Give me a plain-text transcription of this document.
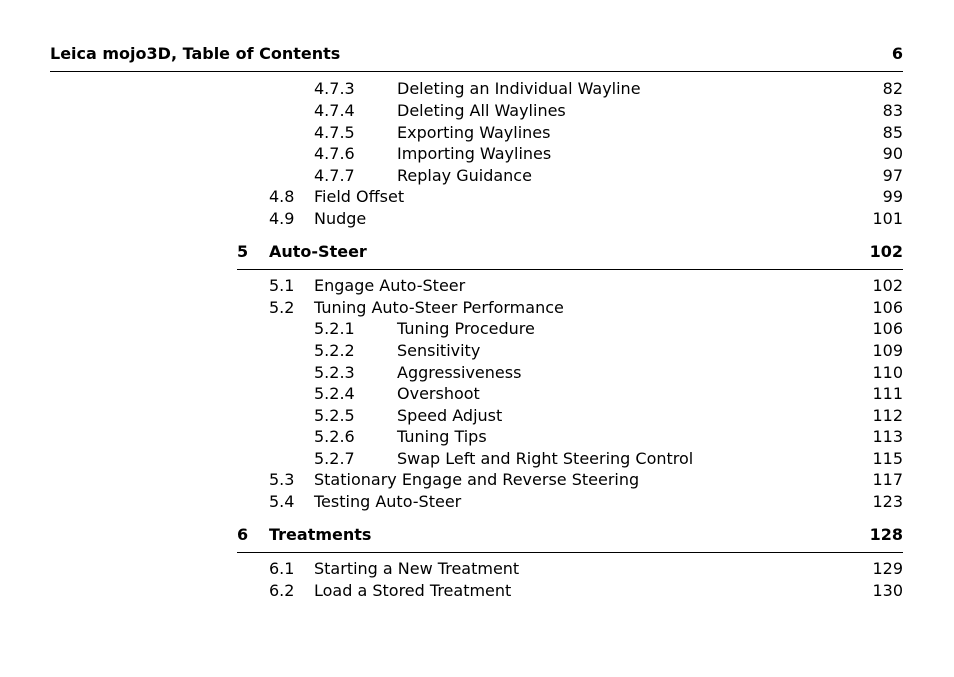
Leica mojo3D, Table of Contents	6
4.7.3	Deleting an Individual Wayline	82
4.7.4	Deleting All Waylines	83
4.7.5	Exporting Waylines	85
4.7.6	Importing Waylines	90
4.7.7	Replay Guidance	97
4.8 Field Offset	99
4.9 Nudge	101
5 Auto-Steer	102
5.1 Engage Auto-Steer	102
5.2 Tuning Auto-Steer Performance	106
5.2.1	Tuning Procedure	106
5.2.2	Sensitivity	109
5.2.3	Aggressiveness	110
5.2.4	Overshoot	111
5.2.5	Speed Adjust	112
5.2.6	Tuning Tips	113
5.2.7	Swap Left and Right Steering Control	115
5.3 Stationary Engage and Reverse Steering	117
5.4 Testing Auto-Steer	123
6 Treatments	128
6.1 Starting a New Treatment	129
6.2 Load a Stored Treatment	130
